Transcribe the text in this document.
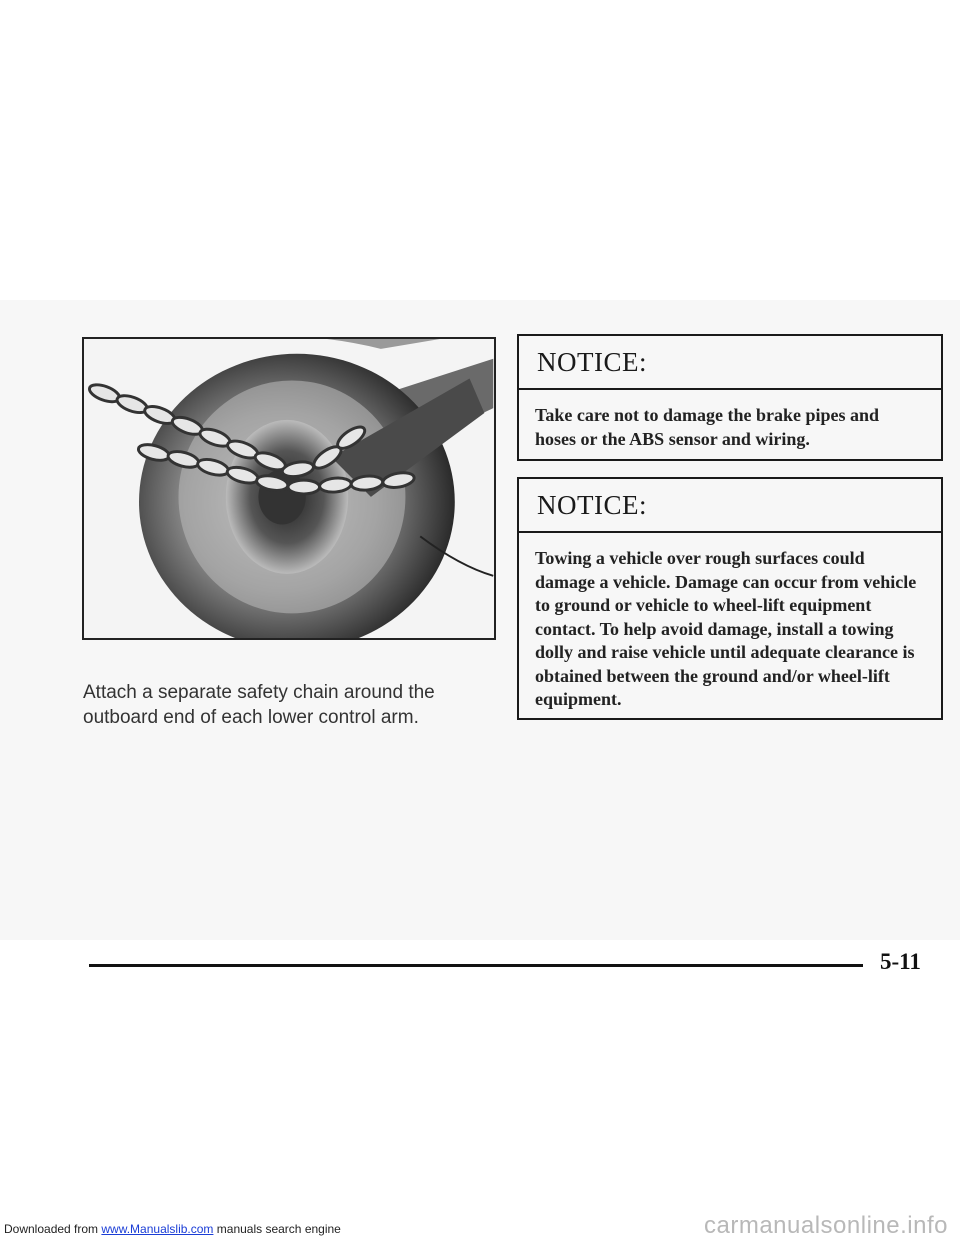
Attach a separate safety chain around the outboard end of each lower control arm.
NOTICE:
Take care not to damage the brake pipes and hoses or the ABS sensor and wiring.
NOTICE:
Towing a vehicle over rough surfaces could damage a vehicle. Damage can occur from vehicle to ground or vehicle to wheel-lift equipment contact. To help avoid damage, install a towing dolly and raise vehicle until adequate clearance is obtained between the ground and/or wheel-lift equipment.
5-11
Downloaded from www.Manualslib.com manuals search engine	carmanualsonline.info
